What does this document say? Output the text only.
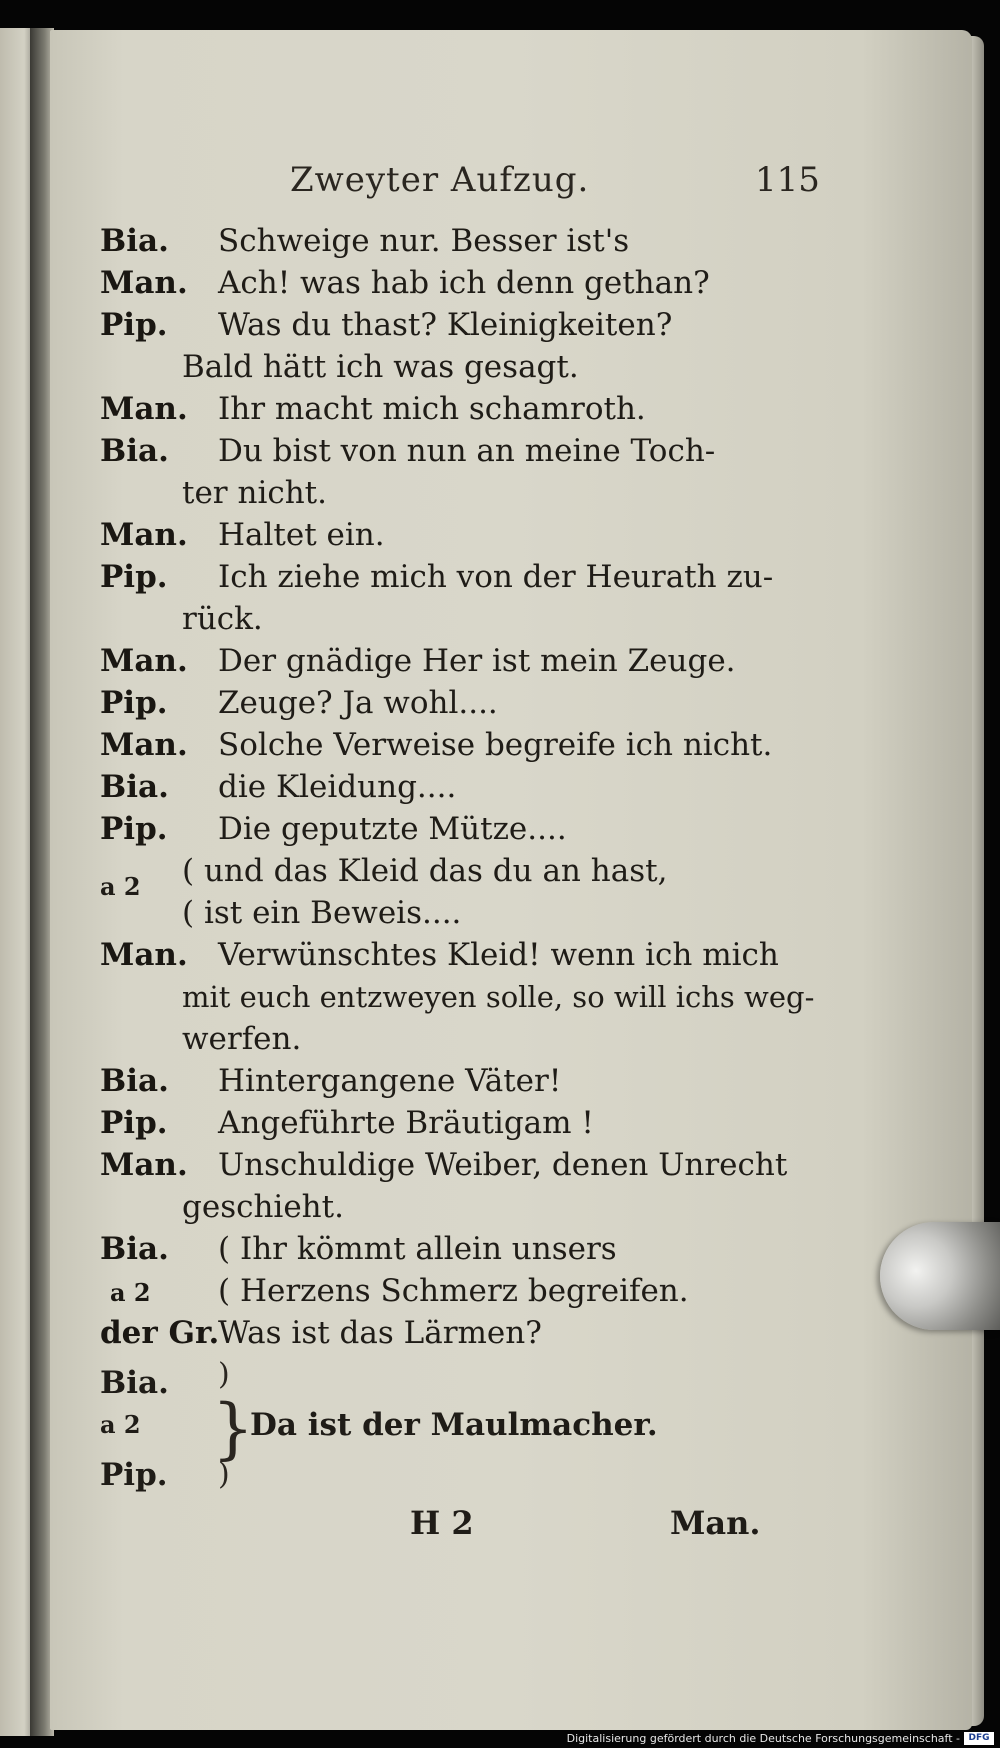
Zweyter Aufzug.	115
Bia. Schweige nur. Besser ist's
Man. Ach! was hab ich denn gethan?
Pip. Was du thast? Kleinigkeiten?
Bald hätt ich was gesagt.
Man. Ihr macht mich schamroth.
Bia. Du bist von nun an meine Toch-
ter nicht.
Man. Haltet ein.
Pip. Ich ziehe mich von der Heurath zu-
rück.
Man. Der gnädige Her ist mein Zeuge.
Pip. Zeuge? Ja wohl....
Man. Solche Verweise begreife ich nicht.
Bia. die Kleidung....
Pip. Die geputzte Mütze....
a 2 ( und das Kleid das du an hast,
( ist ein Beweis....
Man. Verwünschtes Kleid! wenn ich mich
mit euch entzweyen solle, so will ichs weg-
werfen.
Bia. Hintergangene Väter!
Pip. Angeführte Bräutigam !
Man. Unschuldige Weiber, denen Unrecht
geschieht.
Bia. ( Ihr kömmt allein unsers
a 2 ( Herzens Schmerz begreifen.
der Gr.Was ist das Lärmen?
Bia. )
a 2 }
Da ist der Maulmacher.
Pip. )
H 2	Man.
Digitalisierung gefördert durch die Deutsche Forschungsgemeinschaft - DFG
